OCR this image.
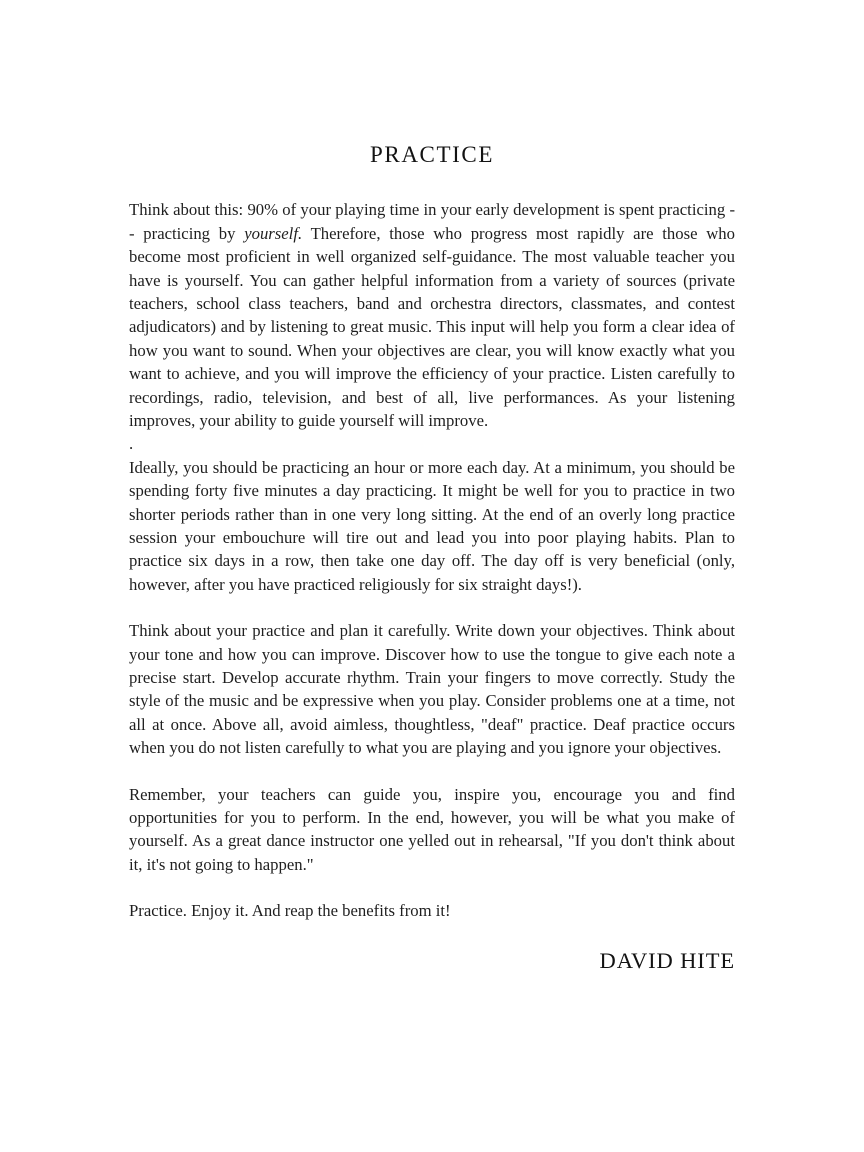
PRACTICE

Think about this: 90% of your playing time in your early development is spent practicing -- practicing by yourself. Therefore, those who progress most rapidly are those who become most proficient in well organized self-guidance. The most valuable teacher you have is yourself. You can gather helpful information from a variety of sources (private teachers, school class teachers, band and orchestra directors, classmates, and contest adjudicators) and by listening to great music. This input will help you form a clear idea of how you want to sound. When your objectives are clear, you will know exactly what you want to achieve, and you will improve the efficiency of your practice. Listen carefully to recordings, radio, television, and best of all, live performances. As your listening improves, your ability to guide yourself will improve.

.

Ideally, you should be practicing an hour or more each day. At a minimum, you should be spending forty five minutes a day practicing. It might be well for you to practice in two shorter periods rather than in one very long sitting. At the end of an overly long practice session your embouchure will tire out and lead you into poor playing habits. Plan to practice six days in a row, then take one day off. The day off is very beneficial (only, however, after you have practiced religiously for six straight days!).

Think about your practice and plan it carefully. Write down your objectives. Think about your tone and how you can improve. Discover how to use the tongue to give each note a precise start. Develop accurate rhythm. Train your fingers to move correctly. Study the style of the music and be expressive when you play. Consider problems one at a time, not all at once. Above all, avoid aimless, thoughtless, "deaf" practice. Deaf practice occurs when you do not listen carefully to what you are playing and you ignore your objectives.

Remember, your teachers can guide you, inspire you, encourage you and find opportunities for you to perform. In the end, however, you will be what you make of yourself. As a great dance instructor one yelled out in rehearsal, "If you don't think about it, it's not going to happen."

Practice. Enjoy it. And reap the benefits from it!

DAVID HITE
